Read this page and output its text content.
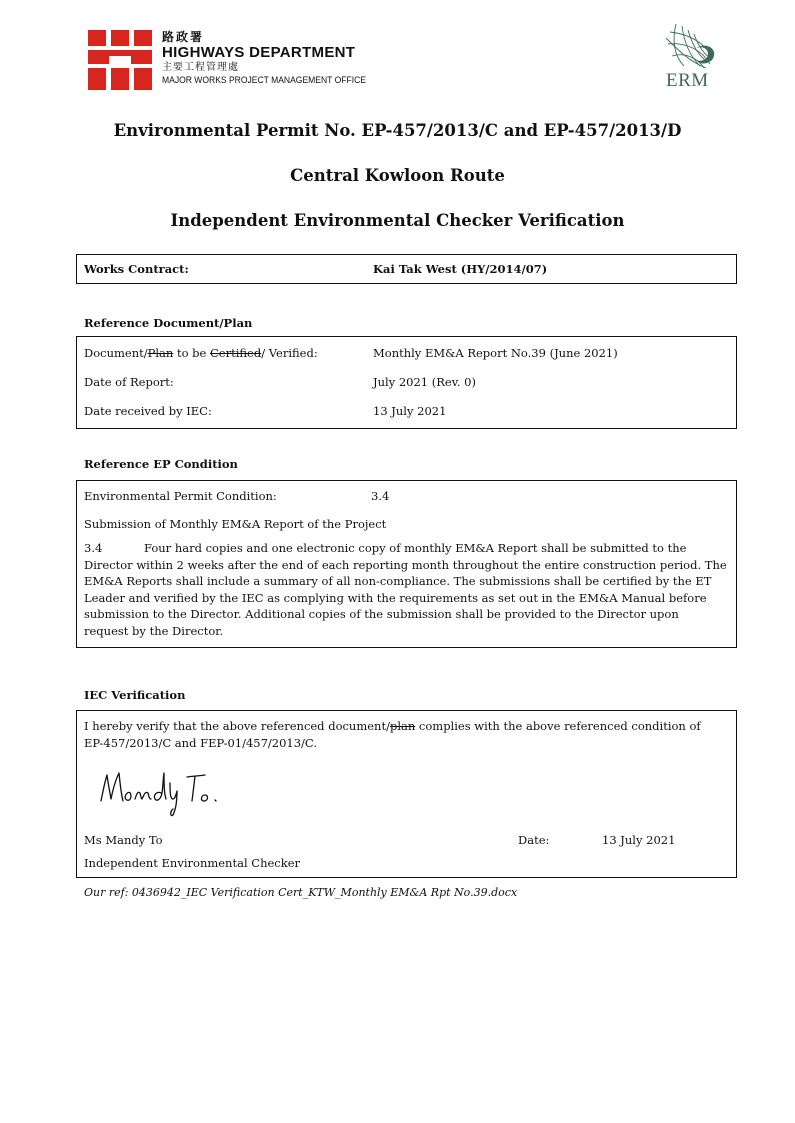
路政署
HIGHWAYS DEPARTMENT
主要工程管理處
MAJOR WORKS PROJECT MANAGEMENT OFFICE	ERM
Environmental Permit No. EP-457/2013/C and EP-457/2013/D
Central Kowloon Route
Independent Environmental Checker Verification
Works Contract:	Kai Tak West (HY/2014/07)
Reference Document/Plan
Document/Plan to be Certified/ Verified:	Monthly EM&A Report No.39 (June 2021)
Date of Report:	July 2021 (Rev. 0)
Date received by IEC:	13 July 2021
Reference EP Condition
Environmental Permit Condition:	3.4
Submission of Monthly EM&A Report of the Project
3.4	Four hard copies and one electronic copy of monthly EM&A Report shall be submitted to the
Director within 2 weeks after the end of each reporting month throughout the entire construction period. The
EM&A Reports shall include a summary of all non-compliance. The submissions shall be certified by the ET
Leader and verified by the IEC as complying with the requirements as set out in the EM&A Manual before
submission to the Director. Additional copies of the submission shall be provided to the Director upon
request by the Director.
IEC Verification
I hereby verify that the above referenced document/plan complies with the above referenced condition of
EP-457/2013/C and FEP-01/457/2013/C.
Ms Mandy To	Date:	13 July 2021
Independent Environmental Checker
Our ref: 0436942_IEC Verification Cert_KTW_Monthly EM&A Rpt No.39.docx
